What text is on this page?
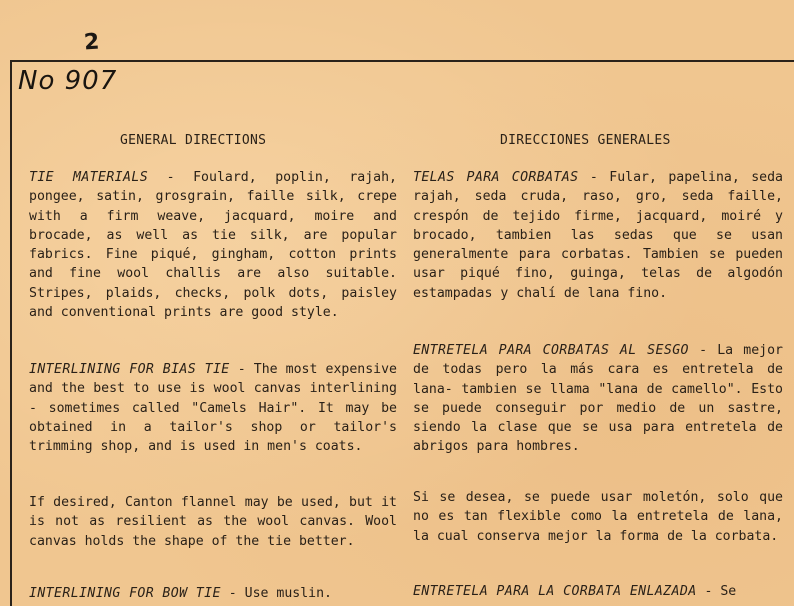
2
No 907
GENERAL DIRECTIONS	DIRECCIONES GENERALES
TIE MATERIALS - Foulard, poplin, rajah, pongee, satin, grosgrain, faille silk, crepe with a firm weave, jacquard, moire and brocade, as well as tie silk, are popular fabrics. Fine piqué, gingham, cotton prints and fine wool challis are also suitable. Stripes, plaids, checks, polk dots, paisley and conventional prints are good style.
INTERLINING FOR BIAS TIE - The most expensive and the best to use is wool canvas interlining - sometimes called "Camels Hair". It may be obtained in a tailor's shop or tailor's trimming shop, and is used in men's coats.
If desired, Canton flannel may be used, but it is not as resilient as the wool canvas. Wool canvas holds the shape of the tie better.
INTERLINING FOR BOW TIE - Use muslin.
TELAS PARA CORBATAS - Fular, papelina, seda rajah, seda cruda, raso, gro, seda faille, crespón de tejido firme, jacquard, moiré y brocado, tambien las sedas que se usan generalmente para corbatas. Tambien se pueden usar piqué fino, guinga, telas de algodón estampadas y chalí de lana fino.
ENTRETELA PARA CORBATAS AL SESGO - La mejor de todas pero la más cara es entretela de lana- tambien se llama "lana de camello". Esto se puede conseguir por medio de un sastre, siendo la clase que se usa para entretela de abrigos para hombres.
Si se desea, se puede usar moletón, solo que no es tan flexible como la entretela de lana, la cual conserva mejor la forma de la corbata.
ENTRETELA PARA LA CORBATA ENLAZADA - Se
